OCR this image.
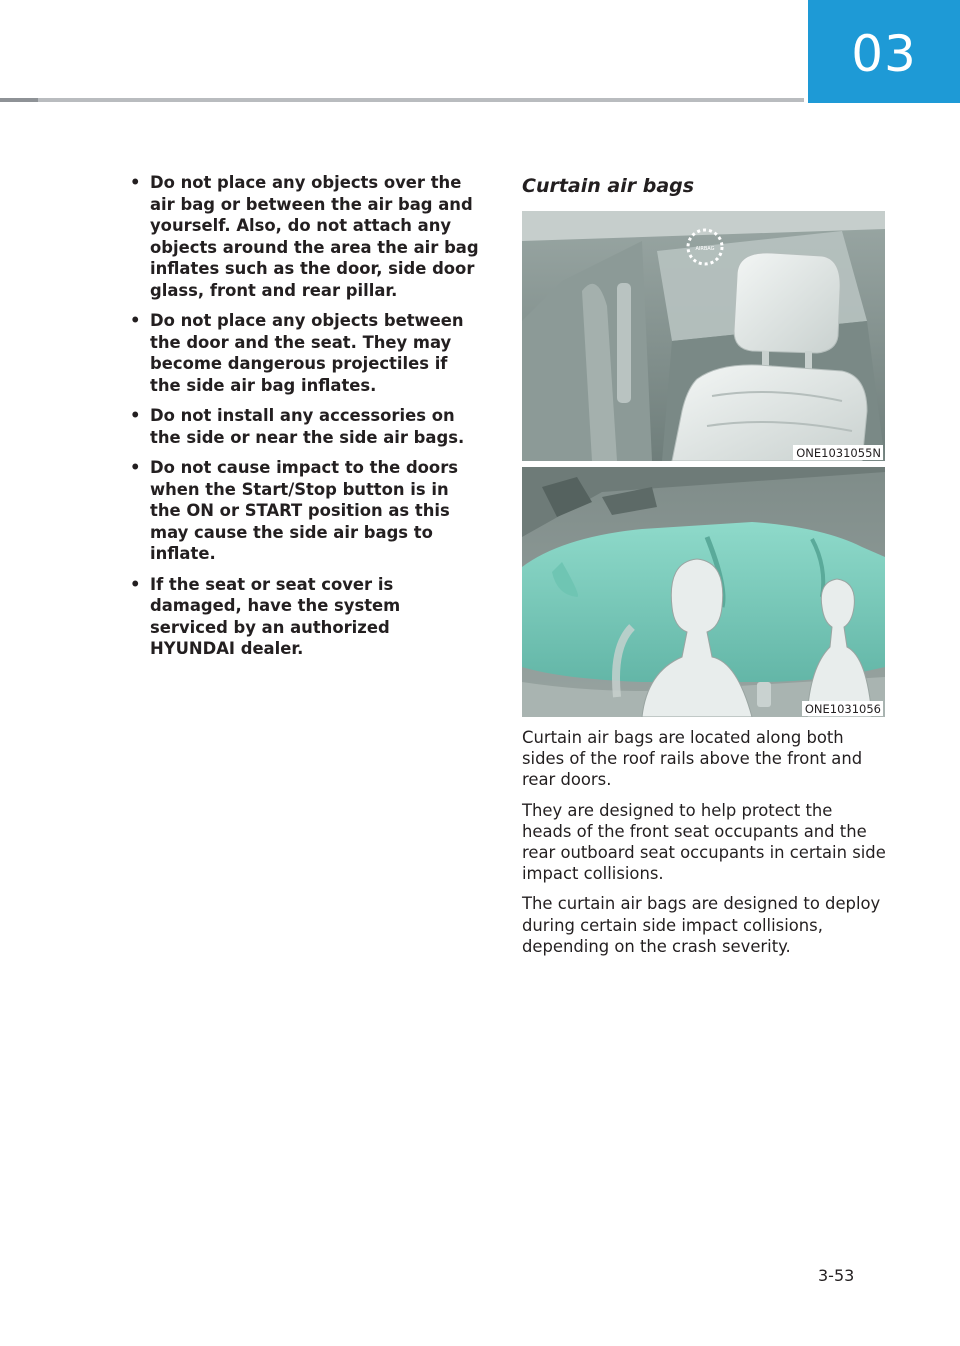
03
• Do not place any objects over the air bag or between the air bag and yourself. Also, do not attach any objects around the area the air bag inflates such as the door, side door glass, front and rear pillar.
• Do not place any objects between the door and the seat. They may become dangerous projectiles if the side air bag inflates.
• Do not install any accessories on the side or near the side air bags.
• Do not cause impact to the doors when the Start/Stop button is in the ON or START position as this may cause the side air bags to inflate.
• If the seat or seat cover is damaged, have the system serviced by an authorized HYUNDAI dealer.
Curtain air bags
AIRBAG
ONE1031055N
ONE1031056

Curtain air bags are located along both sides of the roof rails above the front and rear doors.

They are designed to help protect the heads of the front seat occupants and the rear outboard seat occupants in certain side impact collisions.

The curtain air bags are designed to deploy during certain side impact collisions, depending on the crash severity.

3-53
